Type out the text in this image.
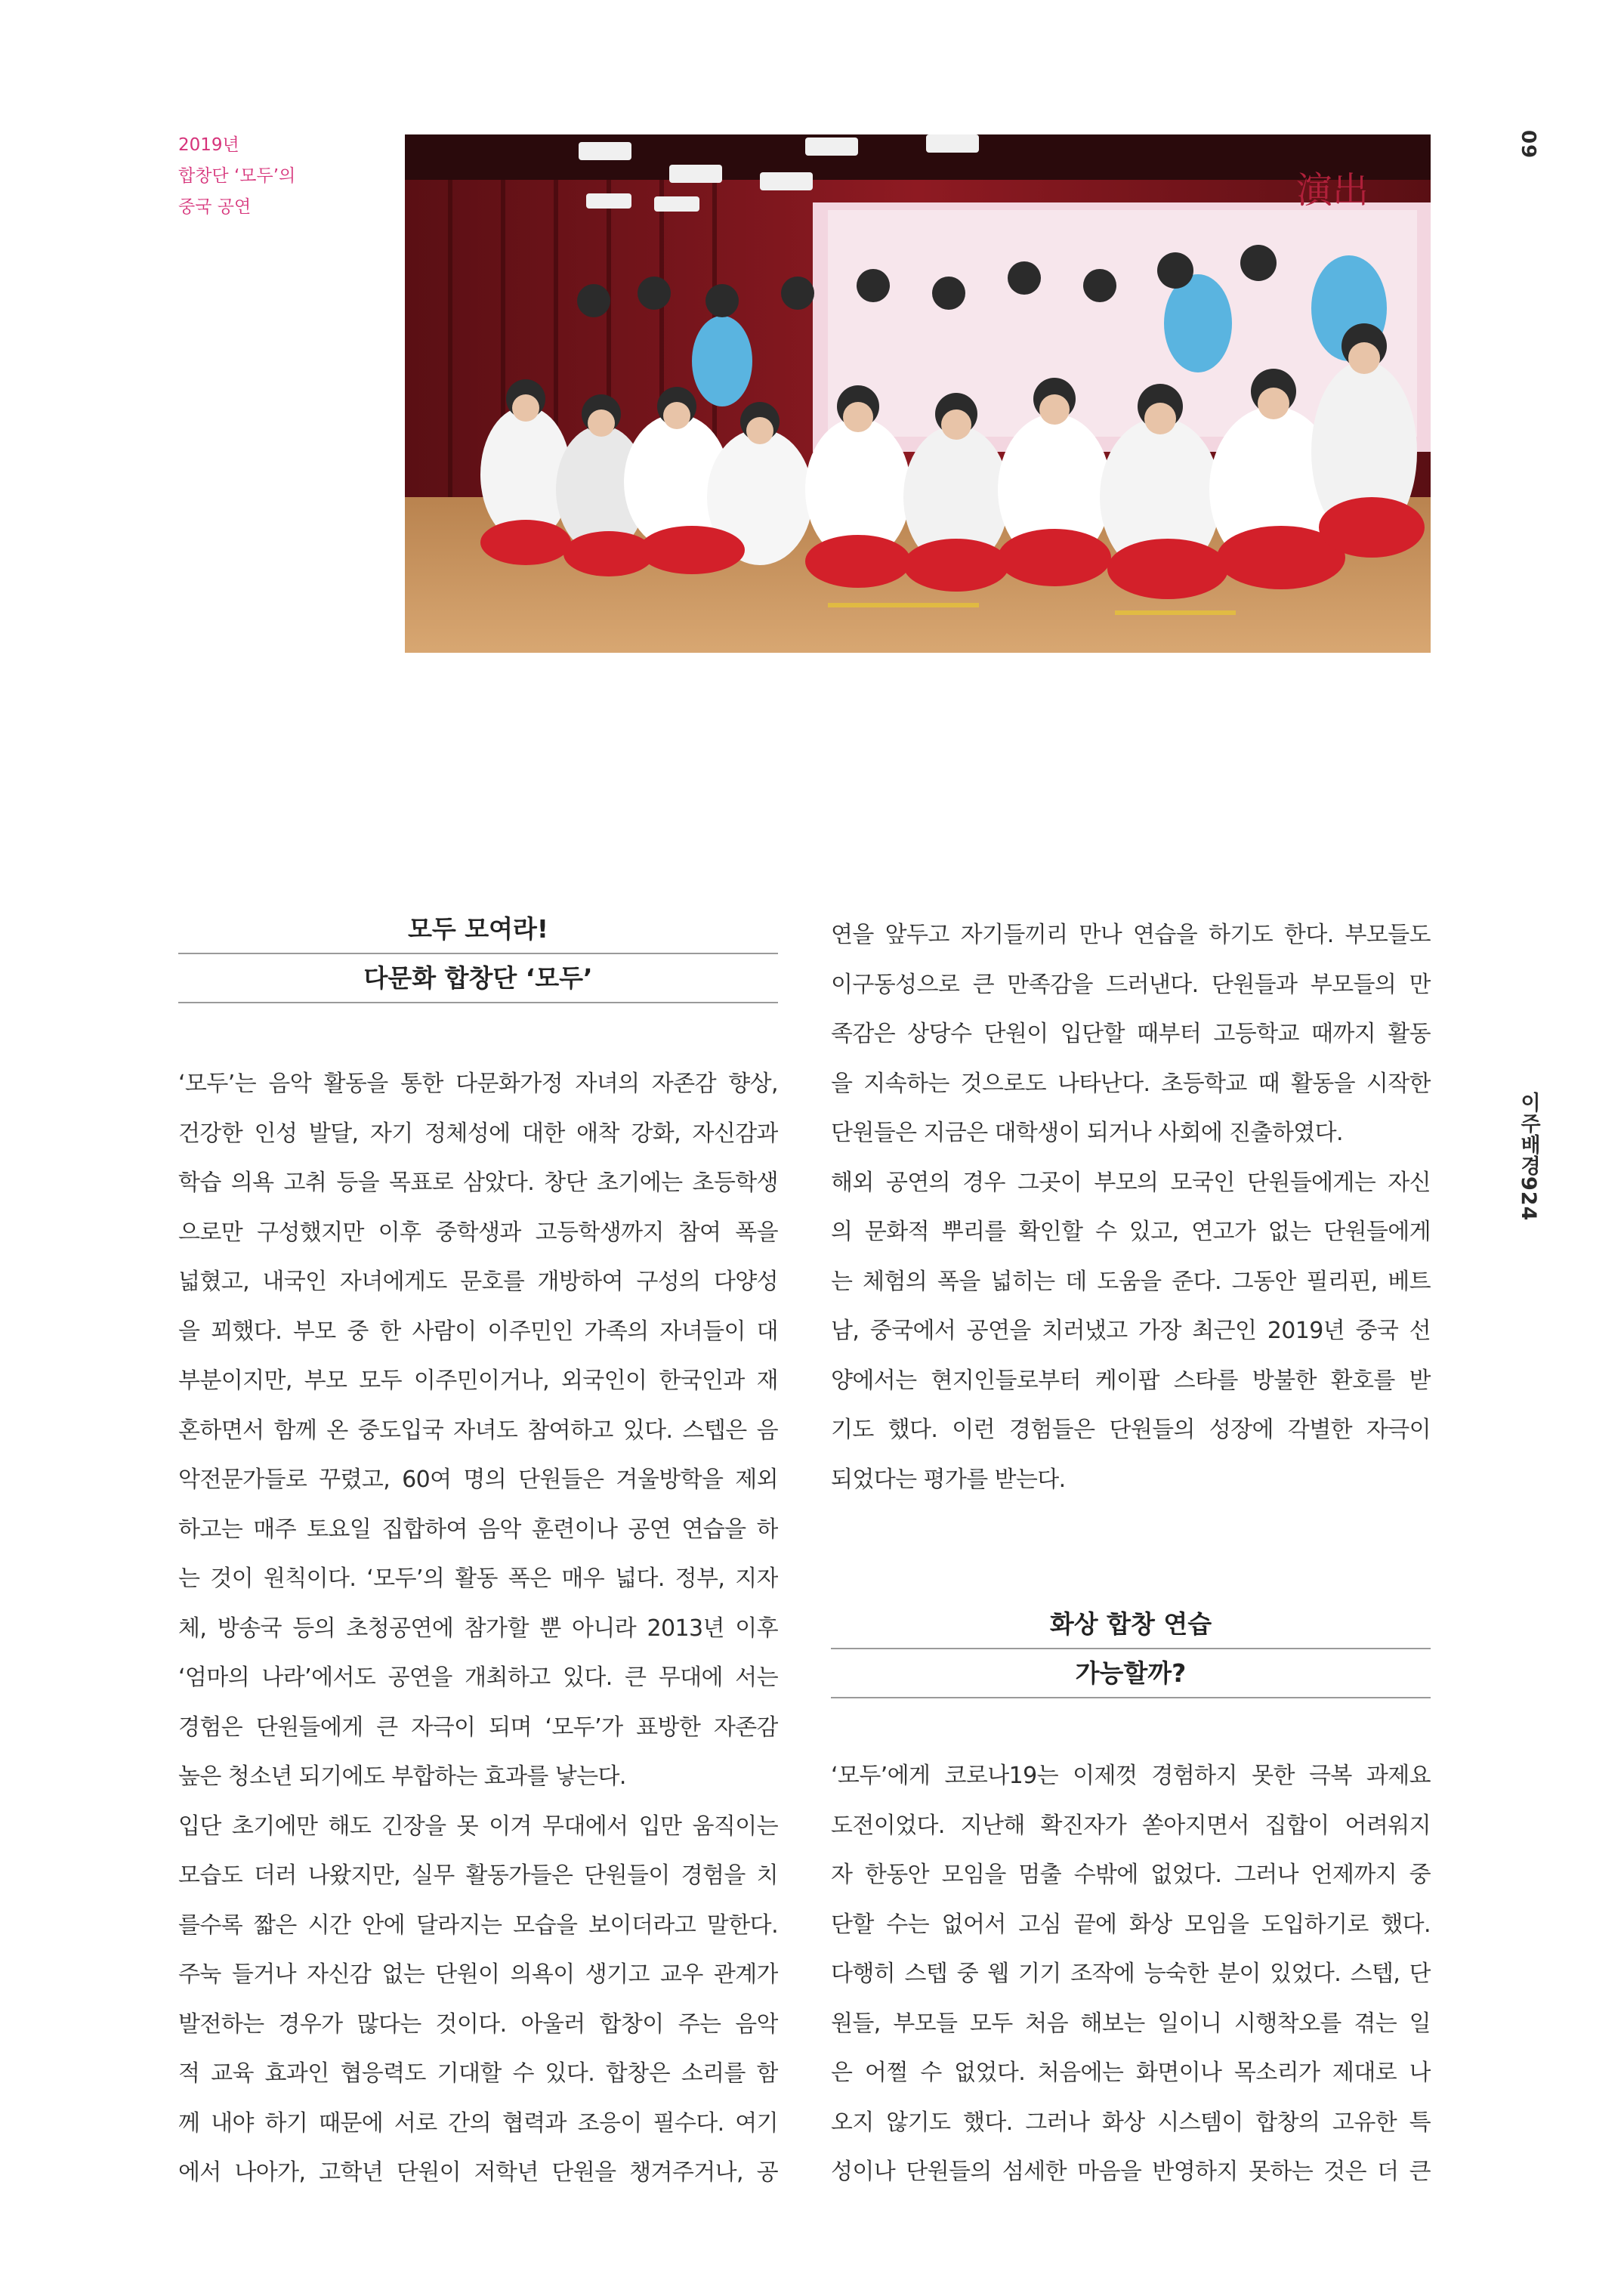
2019년
합창단 ‘모두’의
중국 공연	演出
09
이주배경924
모두 모여라!
다문화 합창단 ‘모두’
‘모두’는 음악 활동을 통한 다문화가정 자녀의 자존감 향상,
건강한 인성 발달, 자기 정체성에 대한 애착 강화, 자신감과
학습 의욕 고취 등을 목표로 삼았다. 창단 초기에는 초등학생
으로만 구성했지만 이후 중학생과 고등학생까지 참여 폭을
넓혔고, 내국인 자녀에게도 문호를 개방하여 구성의 다양성
을 꾀했다. 부모 중 한 사람이 이주민인 가족의 자녀들이 대
부분이지만, 부모 모두 이주민이거나, 외국인이 한국인과 재
혼하면서 함께 온 중도입국 자녀도 참여하고 있다. 스텝은 음
악전문가들로 꾸렸고, 60여 명의 단원들은 겨울방학을 제외
하고는 매주 토요일 집합하여 음악 훈련이나 공연 연습을 하
는 것이 원칙이다. ‘모두’의 활동 폭은 매우 넓다. 정부, 지자
체, 방송국 등의 초청공연에 참가할 뿐 아니라 2013년 이후
‘엄마의 나라’에서도 공연을 개최하고 있다. 큰 무대에 서는
경험은 단원들에게 큰 자극이 되며 ‘모두’가 표방한 자존감
높은 청소년 되기에도 부합하는 효과를 낳는다.
입단 초기에만 해도 긴장을 못 이겨 무대에서 입만 움직이는
모습도 더러 나왔지만, 실무 활동가들은 단원들이 경험을 치
를수록 짧은 시간 안에 달라지는 모습을 보이더라고 말한다.
주눅 들거나 자신감 없는 단원이 의욕이 생기고 교우 관계가
발전하는 경우가 많다는 것이다. 아울러 합창이 주는 음악
적 교육 효과인 협응력도 기대할 수 있다. 합창은 소리를 함
께 내야 하기 때문에 서로 간의 협력과 조응이 필수다. 여기
에서 나아가, 고학년 단원이 저학년 단원을 챙겨주거나, 공
연을 앞두고 자기들끼리 만나 연습을 하기도 한다. 부모들도
이구동성으로 큰 만족감을 드러낸다. 단원들과 부모들의 만
족감은 상당수 단원이 입단할 때부터 고등학교 때까지 활동
을 지속하는 것으로도 나타난다. 초등학교 때 활동을 시작한
단원들은 지금은 대학생이 되거나 사회에 진출하였다.
해외 공연의 경우 그곳이 부모의 모국인 단원들에게는 자신
의 문화적 뿌리를 확인할 수 있고, 연고가 없는 단원들에게
는 체험의 폭을 넓히는 데 도움을 준다. 그동안 필리핀, 베트
남, 중국에서 공연을 치러냈고 가장 최근인 2019년 중국 선
양에서는 현지인들로부터 케이팝 스타를 방불한 환호를 받
기도 했다. 이런 경험들은 단원들의 성장에 각별한 자극이
되었다는 평가를 받는다.
화상 합창 연습
가능할까?
‘모두’에게 코로나19는 이제껏 경험하지 못한 극복 과제요
도전이었다. 지난해 확진자가 쏟아지면서 집합이 어려워지
자 한동안 모임을 멈출 수밖에 없었다. 그러나 언제까지 중
단할 수는 없어서 고심 끝에 화상 모임을 도입하기로 했다.
다행히 스텝 중 웹 기기 조작에 능숙한 분이 있었다. 스텝, 단
원들, 부모들 모두 처음 해보는 일이니 시행착오를 겪는 일
은 어쩔 수 없었다. 처음에는 화면이나 목소리가 제대로 나
오지 않기도 했다. 그러나 화상 시스템이 합창의 고유한 특
성이나 단원들의 섬세한 마음을 반영하지 못하는 것은 더 큰
